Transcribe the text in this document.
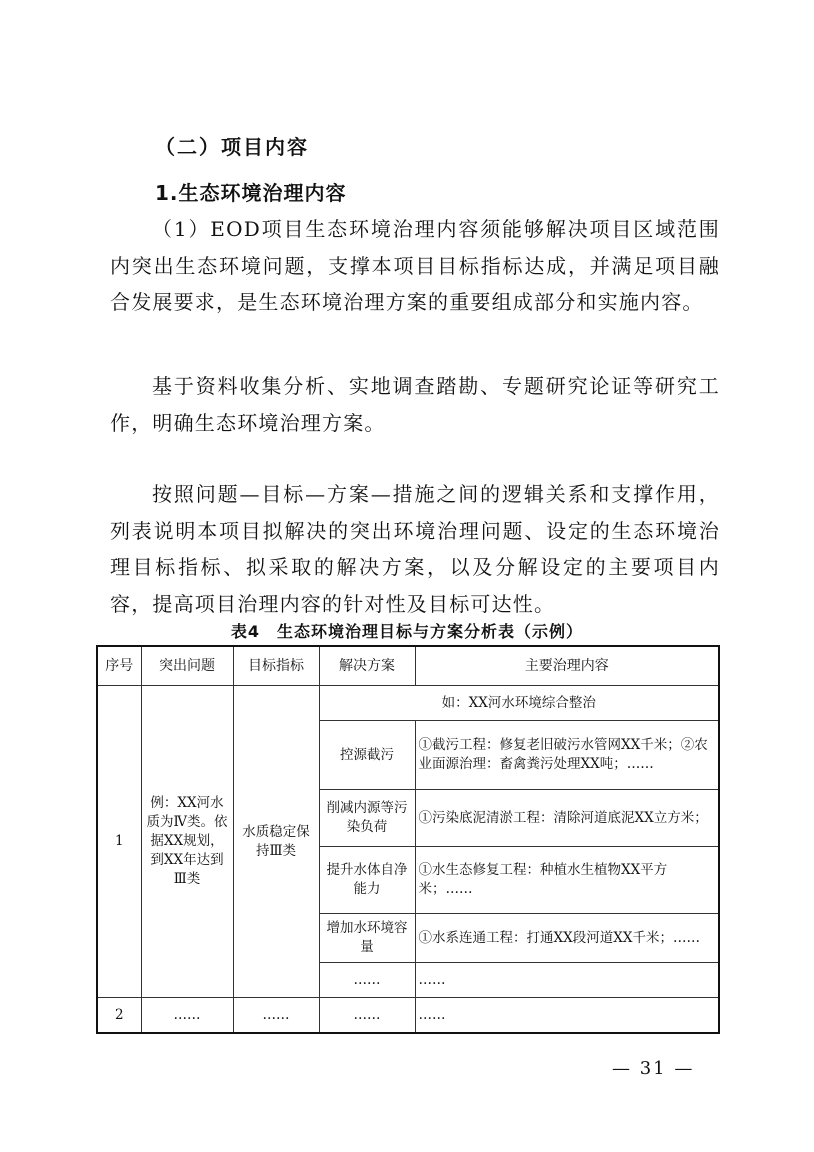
（二）项目内容
1.生态环境治理内容

（1）EOD项目生态环境治理内容须能够解决项目区域范围内突出生态环境问题，支撑本项目目标指标达成，并满足项目融合发展要求，是生态环境治理方案的重要组成部分和实施内容。

基于资料收集分析、实地调查踏勘、专题研究论证等研究工作，明确生态环境治理方案。

按照问题—目标—方案—措施之间的逻辑关系和支撑作用，列表说明本项目拟解决的突出环境治理问题、设定的生态环境治理目标指标、拟采取的解决方案，以及分解设定的主要项目内容，提高项目治理内容的针对性及目标可达性。

表4　生态环境治理目标与方案分析表（示例）
序号	突出问题	目标指标	解决方案	主要治理内容
1	例：XX河水质为Ⅳ类。依据XX规划，到XX年达到Ⅲ类	水质稳定保持Ⅲ类	如：XX河水环境综合整治	
			控源截污	①截污工程：修复老旧破污水管网XX千米；②农业面源治理：畜禽粪污处理XX吨；……
			削减内源等污染负荷	①污染底泥清淤工程：清除河道底泥XX立方米；
			提升水体自净能力	①水生态修复工程：种植水生植物XX平方米；……
			增加水环境容量	①水系连通工程：打通XX段河道XX千米；……
			……	……
2	……	……	……	……
— 31 —
